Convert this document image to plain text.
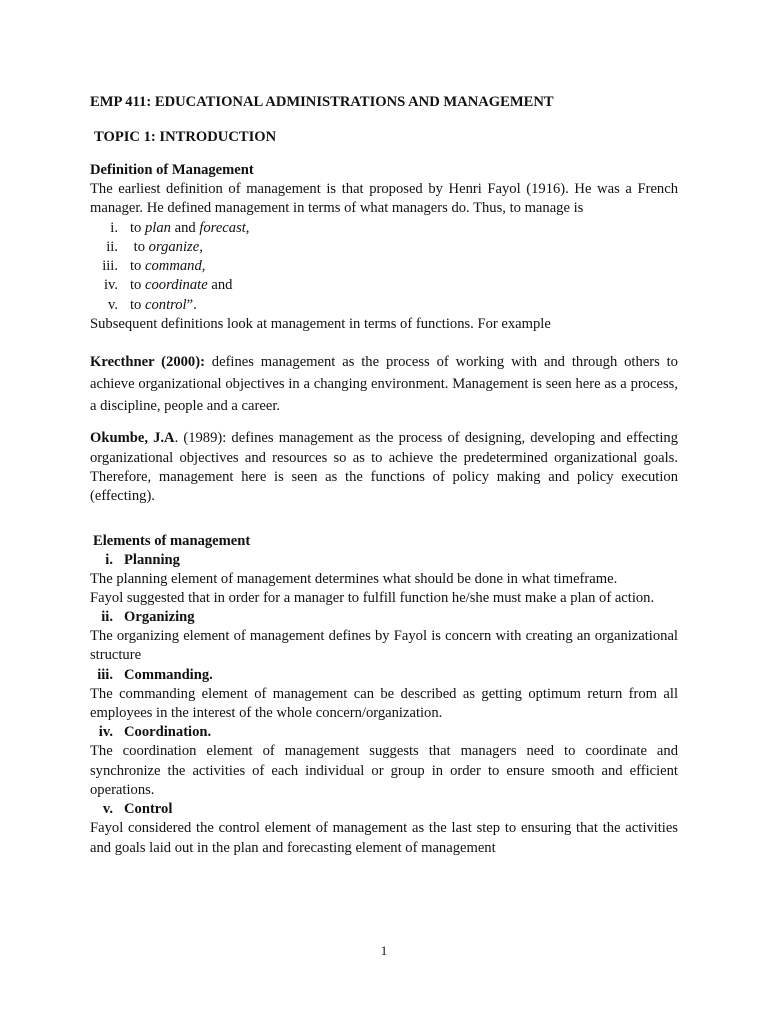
EMP 411: EDUCATIONAL ADMINISTRATIONS AND MANAGEMENT
TOPIC 1: INTRODUCTION
Definition of Management

The earliest definition of management is that proposed by Henri Fayol (1916). He was a French manager. He defined management in terms of what managers do. Thus, to manage is

i. to plan and forecast,
ii. to organize,
iii. to command,
iv. to coordinate and
v. to control”.

Subsequent definitions look at management in terms of functions. For example

Krecthner (2000): defines management as the process of working with and through others to achieve organizational objectives in a changing environment. Management is seen here as a process, a discipline, people and a career.

Okumbe, J.A. (1989): defines management as the process of designing, developing and effecting organizational objectives and resources so as to achieve the predetermined organizational goals. Therefore, management here is seen as the functions of policy making and policy execution (effecting).

Elements of management
i. Planning

The planning element of management determines what should be done in what timeframe.

Fayol suggested that in order for a manager to fulfill function he/she must make a plan of action.

ii. Organizing

The organizing element of management defines by Fayol is concern with creating an organizational structure

iii. Commanding.

The commanding element of management can be described as getting optimum return from all employees in the interest of the whole concern/organization.

iv. Coordination.

The coordination element of management suggests that managers need to coordinate and synchronize the activities of each individual or group in order to ensure smooth and efficient operations.

v. Control

Fayol considered the control element of management as the last step to ensuring that the activities and goals laid out in the plan and forecasting element of management

1
